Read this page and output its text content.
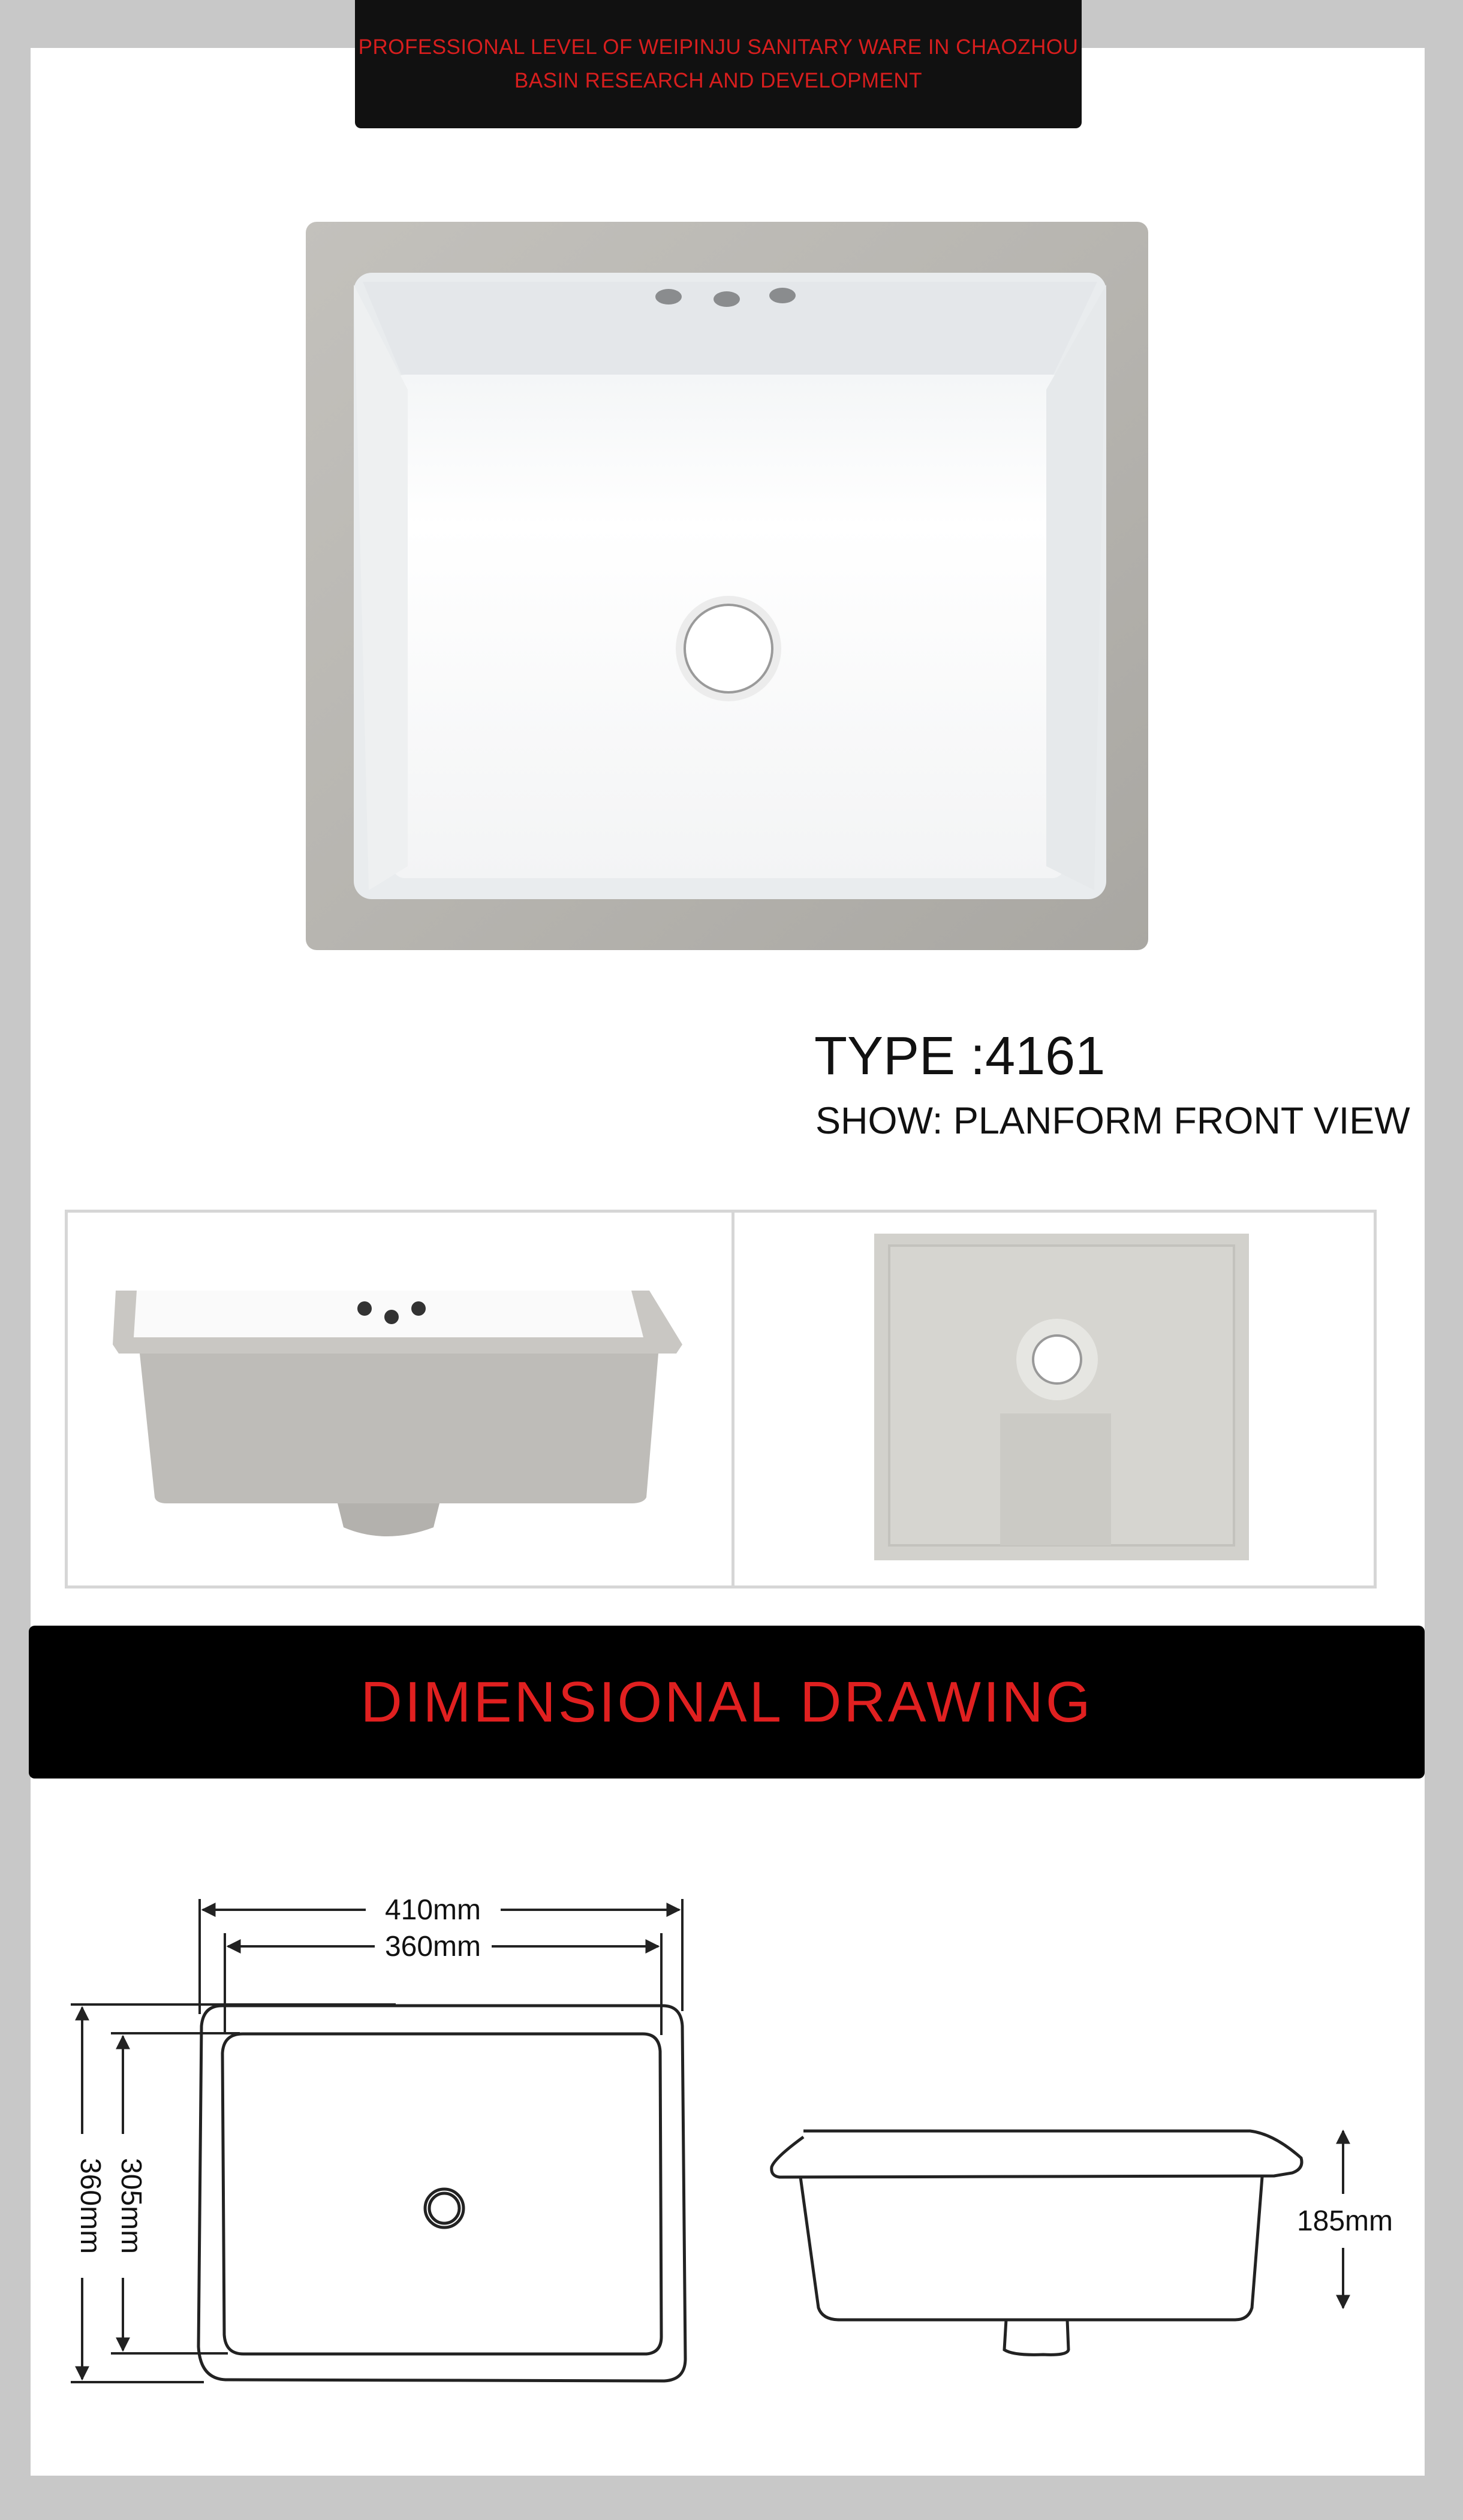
PROFESSIONAL LEVEL OF WEIPINJU SANITARY WARE IN CHAOZHOU
BASIN RESEARCH AND DEVELOPMENT
TYPE :4161
SHOW: PLANFORM FRONT VIEW
DIMENSIONAL DRAWING
410mm
360mm
305mm
360mm	185mm
